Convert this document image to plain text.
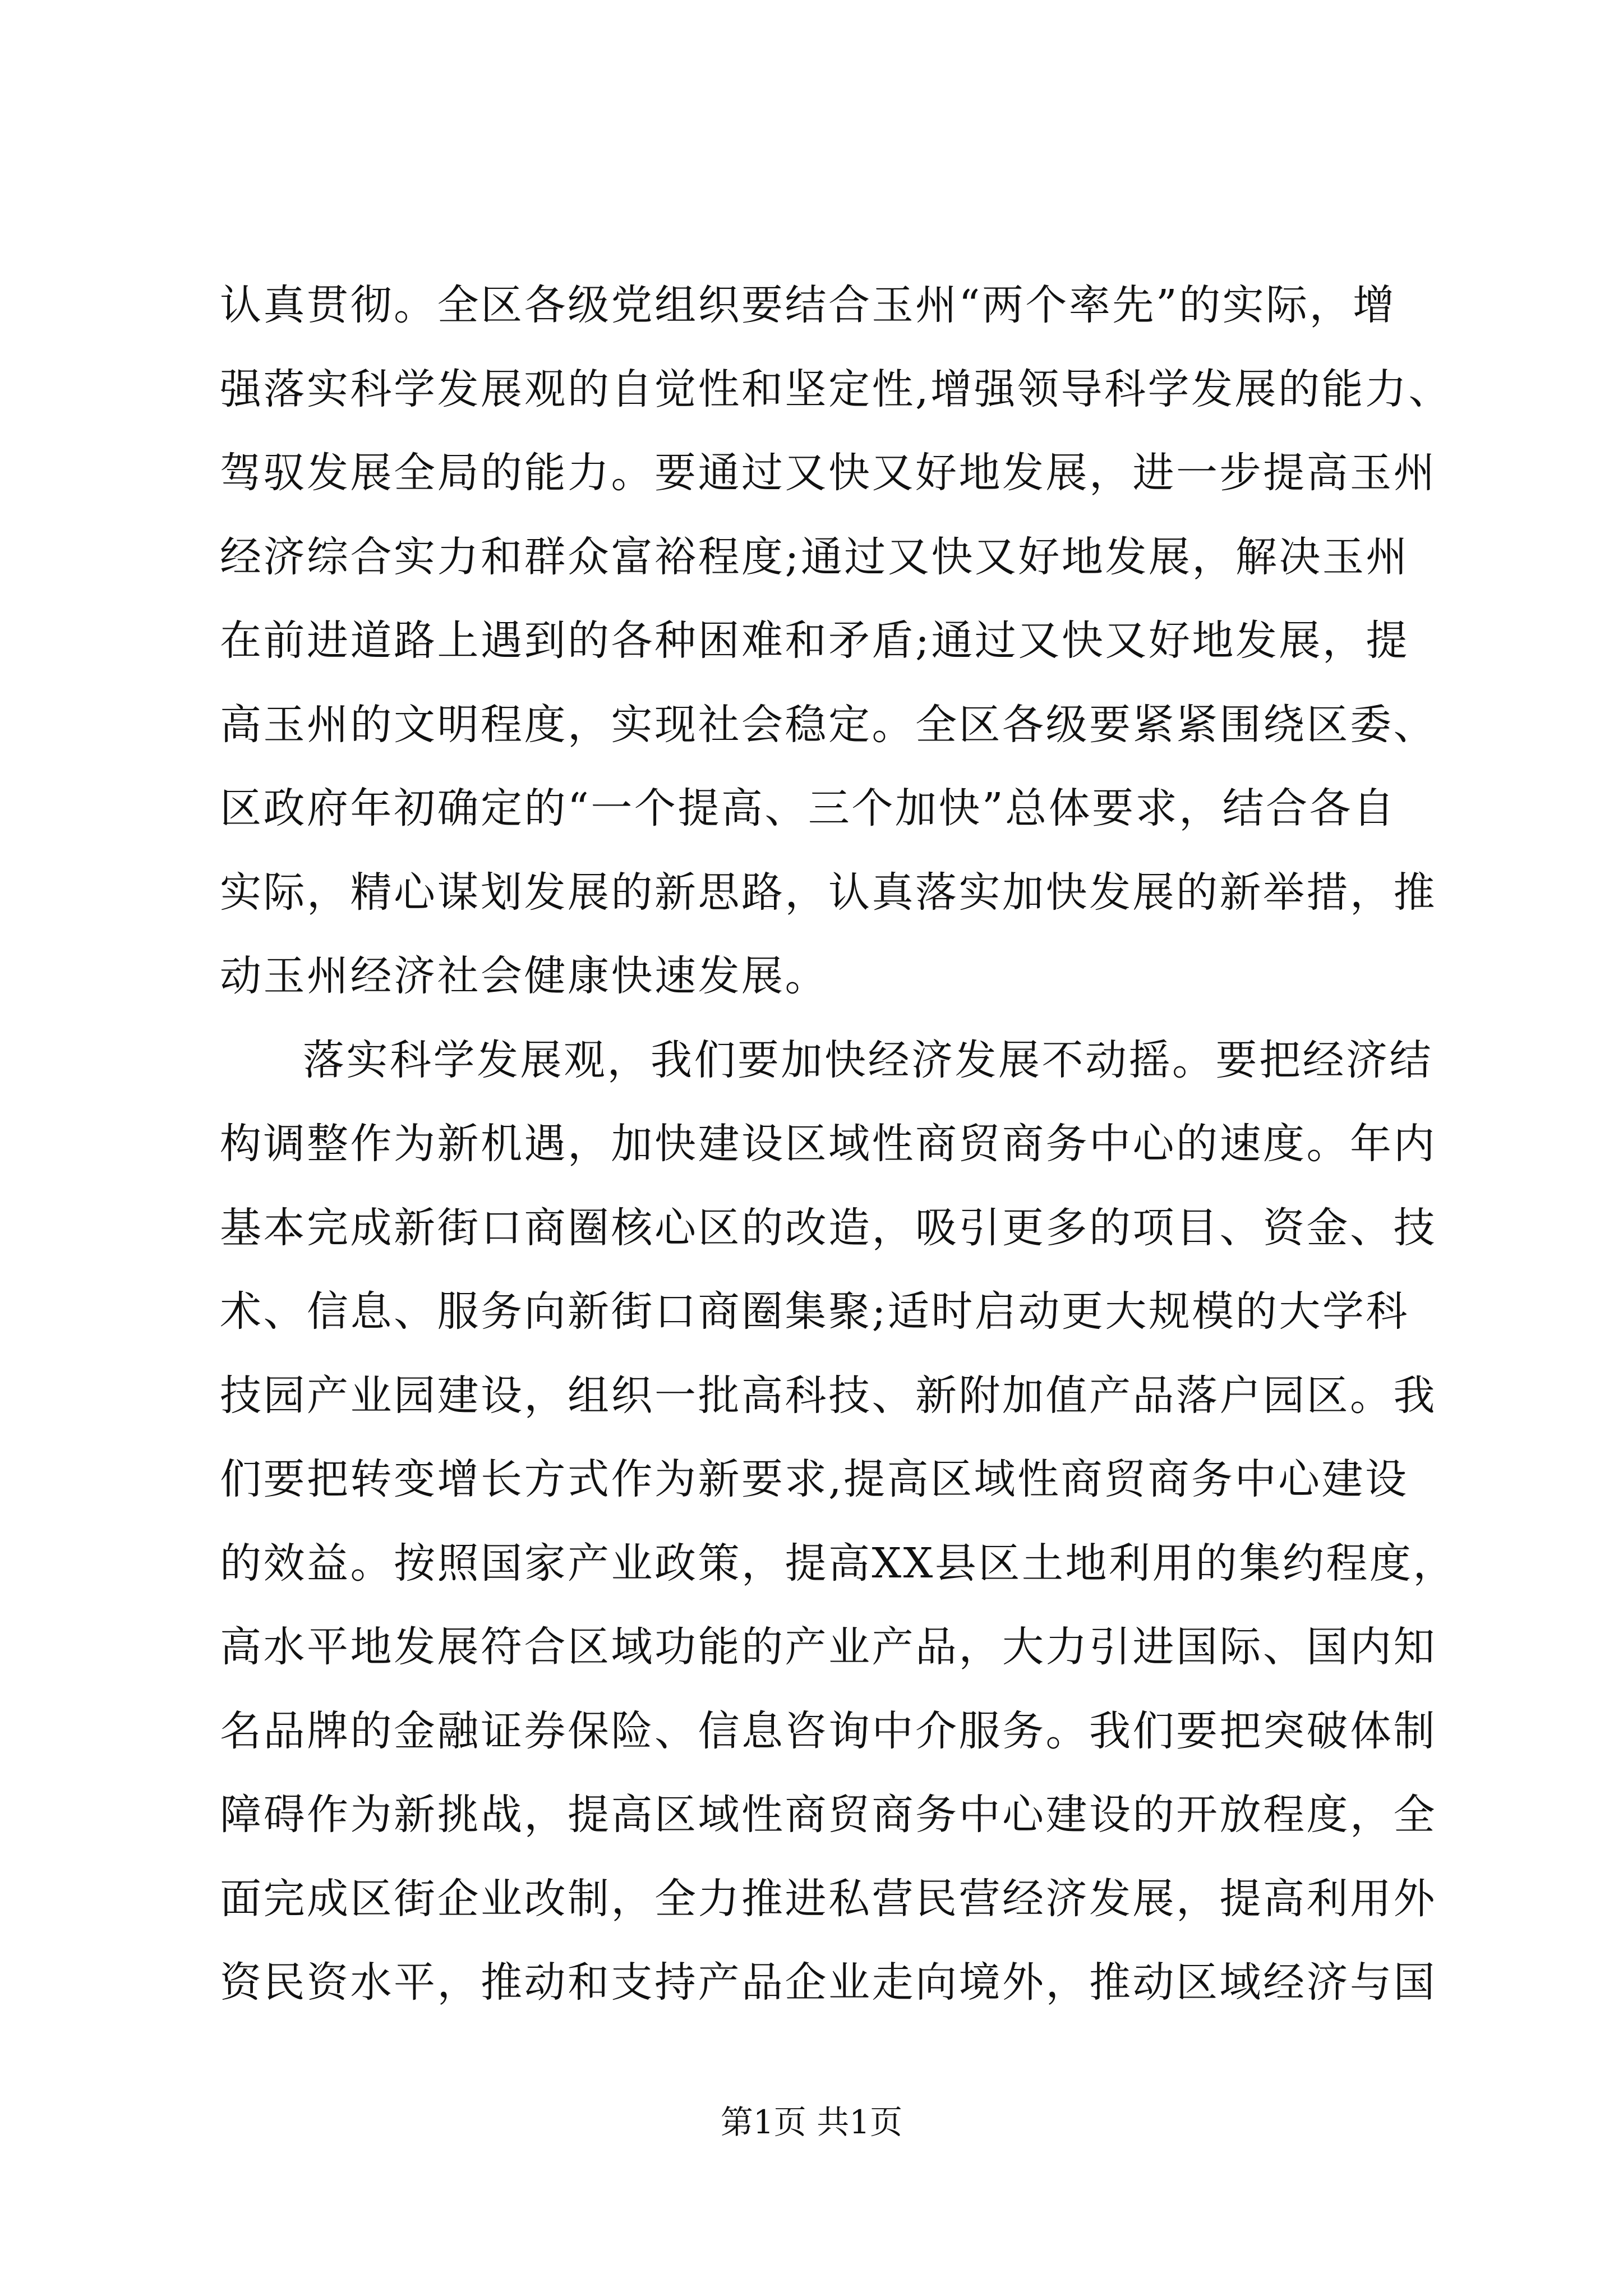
认真贯彻。全区各级党组织要结合玉州“两个率先”的实际，增
强落实科学发展观的自觉性和坚定性,增强领导科学发展的能力、
驾驭发展全局的能力。要通过又快又好地发展，进一步提高玉州
经济综合实力和群众富裕程度;通过又快又好地发展，解决玉州
在前进道路上遇到的各种困难和矛盾;通过又快又好地发展，提
高玉州的文明程度，实现社会稳定。全区各级要紧紧围绕区委、
区政府年初确定的“一个提高、三个加快”总体要求，结合各自
实际，精心谋划发展的新思路，认真落实加快发展的新举措，推
动玉州经济社会健康快速发展。
落实科学发展观，我们要加快经济发展不动摇。要把经济结
构调整作为新机遇，加快建设区域性商贸商务中心的速度。年内
基本完成新街口商圈核心区的改造，吸引更多的项目、资金、技
术、信息、服务向新街口商圈集聚;适时启动更大规模的大学科
技园产业园建设，组织一批高科技、新附加值产品落户园区。我
们要把转变增长方式作为新要求,提高区域性商贸商务中心建设
的效益。按照国家产业政策，提高XX县区土地利用的集约程度，
高水平地发展符合区域功能的产业产品，大力引进国际、国内知
名品牌的金融证券保险、信息咨询中介服务。我们要把突破体制
障碍作为新挑战，提高区域性商贸商务中心建设的开放程度，全
面完成区街企业改制，全力推进私营民营经济发展，提高利用外
资民资水平，推动和支持产品企业走向境外，推动区域经济与国
第1页 共1页
